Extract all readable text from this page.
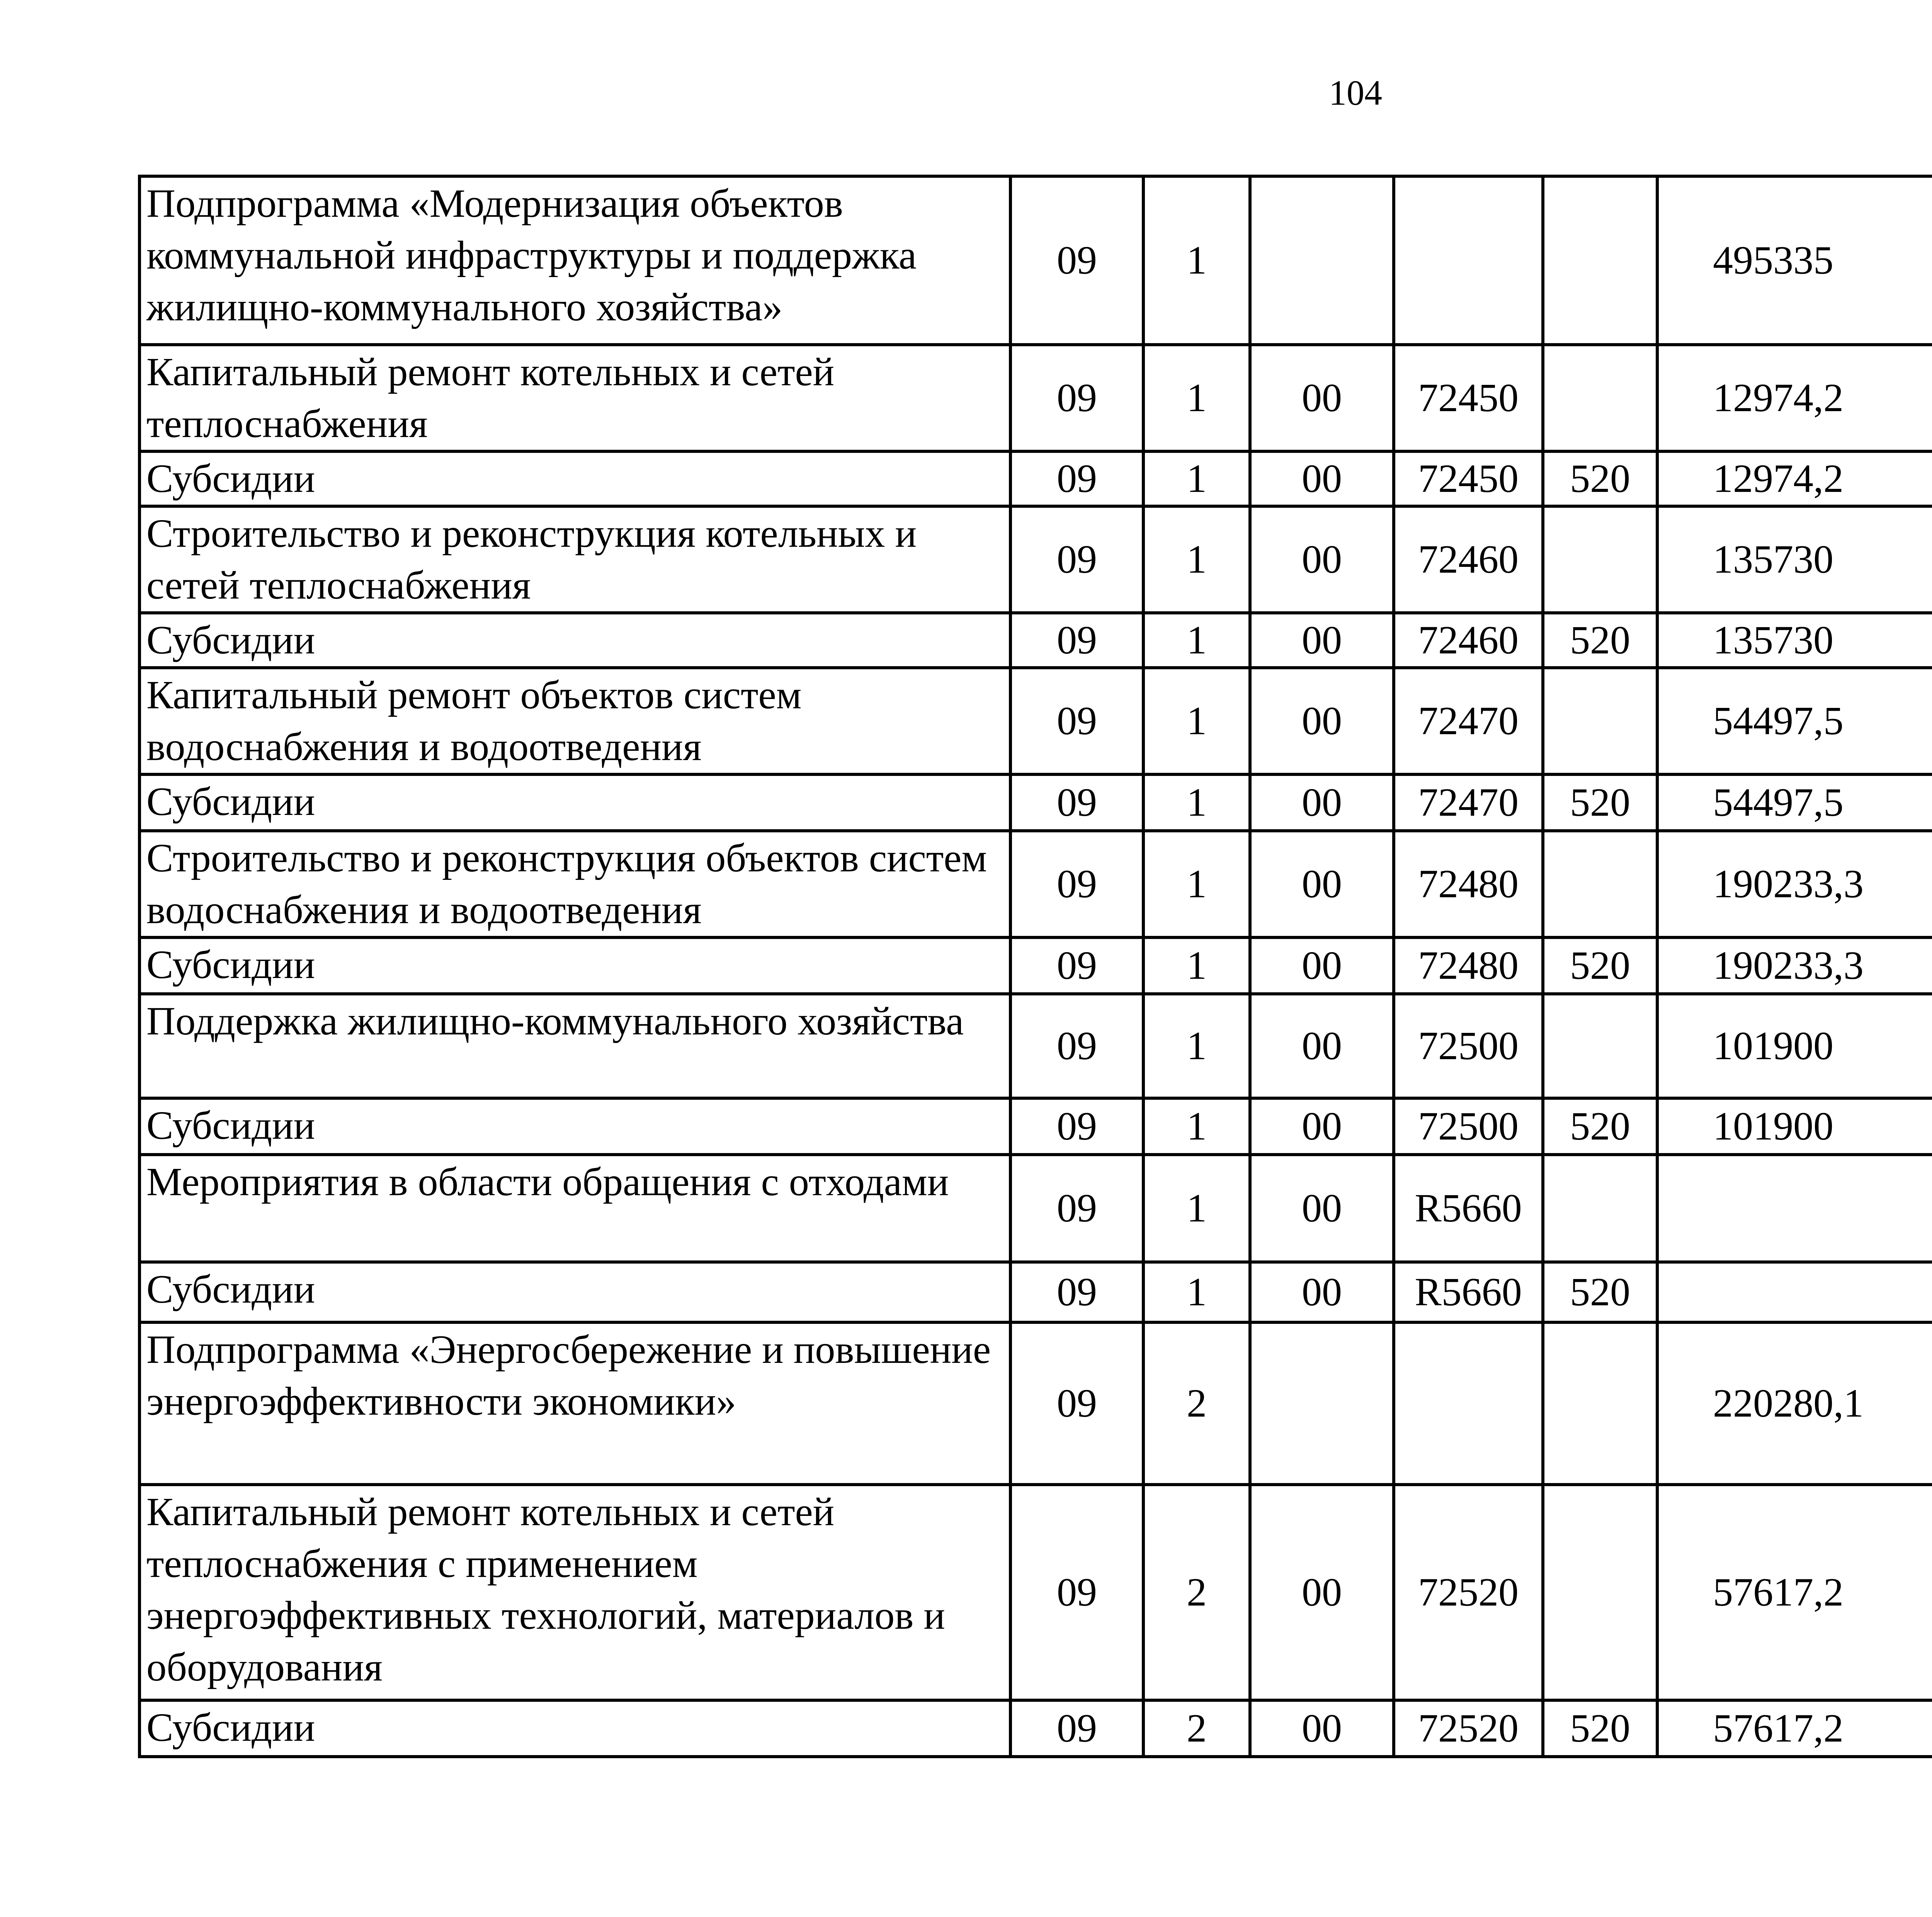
104
Подпрограмма «Модернизация объектов коммунальной инфраструктуры и поддержка жилищно-коммунального хозяйства»	09	1				495335		
Капитальный ремонт котельных и сетей теплоснабжения	09	1	00	72450		12974,2		
Субсидии	09	1	00	72450	520	12974,2		
Строительство и реконструкция котельных и сетей теплоснабжения	09	1	00	72460		135730		
Субсидии	09	1	00	72460	520	135730		
Капитальный ремонт объектов систем водоснабжения и водоотведения	09	1	00	72470		54497,5		
Субсидии	09	1	00	72470	520	54497,5		
Строительство и реконструкция объектов систем водоснабжения и водоотведения	09	1	00	72480		190233,3		
Субсидии	09	1	00	72480	520	190233,3		
Поддержка жилищно-коммунального хозяйства	09	1	00	72500		101900		
Субсидии	09	1	00	72500	520	101900		
Мероприятия в области обращения с отходами	09	1	00	R5660				
Субсидии	09	1	00	R5660	520			
Подпрограмма «Энергосбережение и повышение энергоэффективности экономики»	09	2				220280,1		
Капитальный ремонт котельных и сетей теплоснабжения с применением энергоэффективных технологий, материалов и оборудования	09	2	00	72520		57617,2		
Субсидии	09	2	00	72520	520	57617,2		
